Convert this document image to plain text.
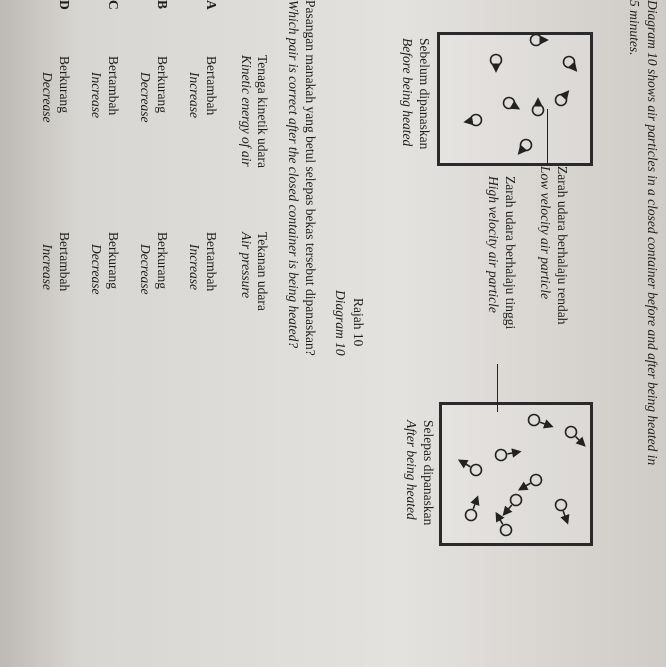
Diagram 10 shows air particles in a closed container before and after being heated in
5 minutes.
Zarah udara berhalaju rendah
Low velocity air particle
Zarah udara berhalaju tinggi
High velocity air particle
Sebelum dipanaskan
Before being heated
Selepas dipanaskan
After being heated
Rajah 10
Diagram 10
Pasangan manakah yang betul selepas bekas tersebut dipanaskan?
Which pair is correct after the closed container is being heated?
Tenaga kinetik udara
Kinetic energy of air
Tekanan udara
Air pressure
A
Bertambah
Increase
Bertambah
Increase
B
Berkurang
Decrease
Berkurang
Decrease
C
Bertambah
Increase
Berkurang
Decrease
D
Berkurang
Decrease
Bertambah
Increase
